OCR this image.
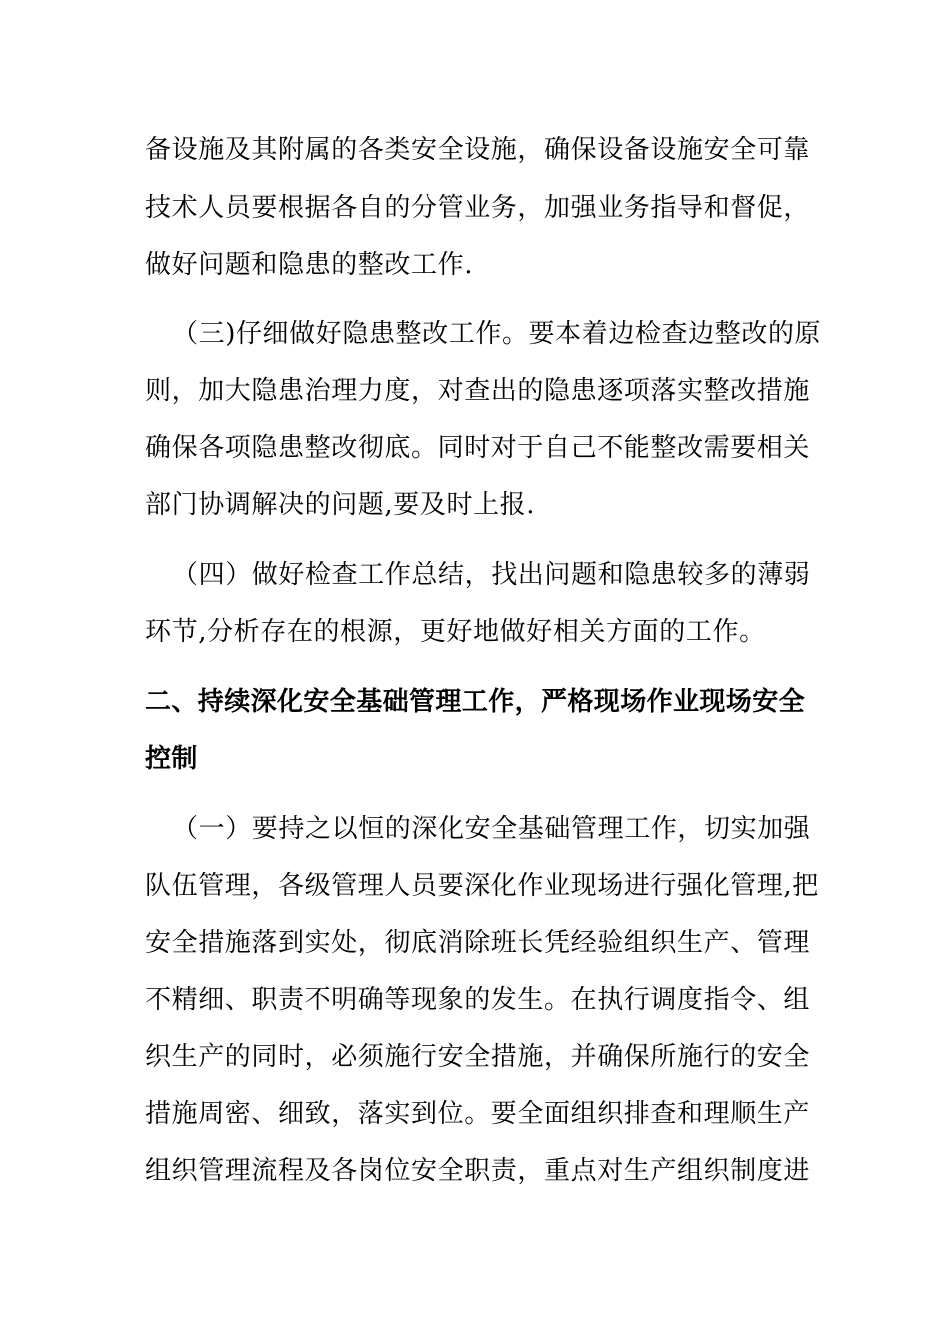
备设施及其附属的各类安全设施，确保设备设施安全可靠
技术人员要根据各自的分管业务，加强业务指导和督促，
做好问题和隐患的整改工作.
（三)仔细做好隐患整改工作。要本着边检查边整改的原
则，加大隐患治理力度，对查出的隐患逐项落实整改措施
确保各项隐患整改彻底。同时对于自己不能整改需要相关
部门协调解决的问题,要及时上报.
（四）做好检查工作总结，找出问题和隐患较多的薄弱
环节,分析存在的根源，更好地做好相关方面的工作。
二、持续深化安全基础管理工作，严格现场作业现场安全
控制
（一）要持之以恒的深化安全基础管理工作，切实加强
队伍管理，各级管理人员要深化作业现场进行强化管理,把
安全措施落到实处，彻底消除班长凭经验组织生产、管理
不精细、职责不明确等现象的发生。在执行调度指令、组
织生产的同时，必须施行安全措施，并确保所施行的安全
措施周密、细致，落实到位。要全面组织排查和理顺生产
组织管理流程及各岗位安全职责，重点对生产组织制度进
